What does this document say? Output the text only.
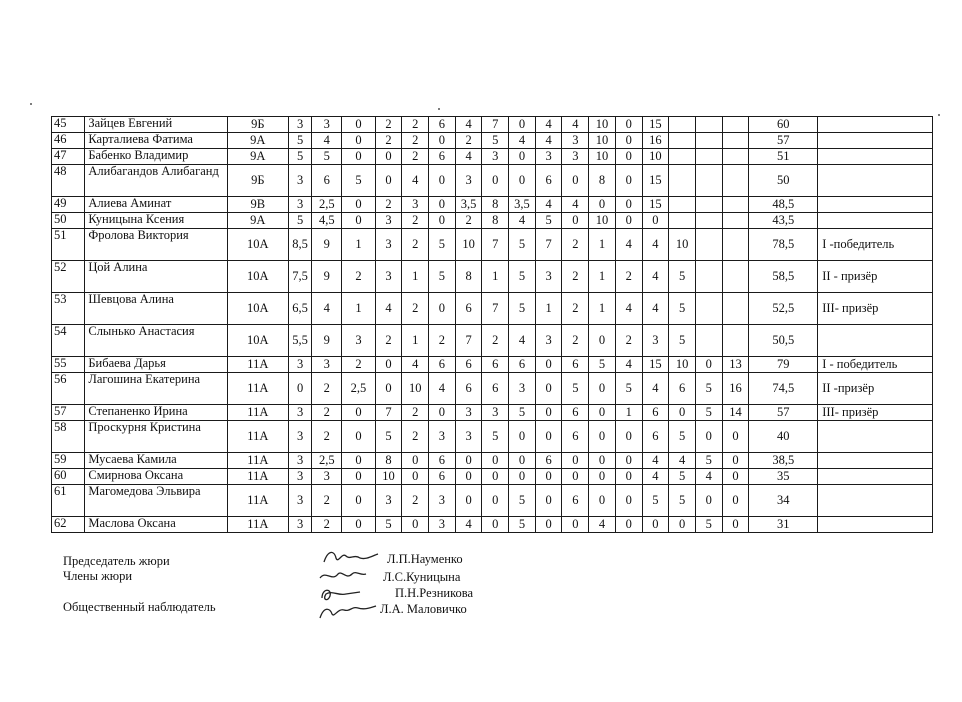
45	Зайцев Евгений	9Б	3	3	0	2	2	6	4	7	0	4	4	10	0	15				60	
46	Карталиева Фатима	9А	5	4	0	2	2	0	2	5	4	4	3	10	0	16				57	
47	Бабенко Владимир	9А	5	5	0	0	2	6	4	3	0	3	3	10	0	10				51	
48	Алибагандов Алибаганд	9Б	3	6	5	0	4	0	3	0	0	6	0	8	0	15				50	
49	Алиева Аминат	9В	3	2,5	0	2	3	0	3,5	8	3,5	4	4	0	0	15				48,5	
50	Куницына Ксения	9А	5	4,5	0	3	2	0	2	8	4	5	0	10	0	0				43,5	
51	Фролова Виктория	10А	8,5	9	1	3	2	5	10	7	5	7	2	1	4	4	10			78,5	I -победитель
52	Цой Алина	10А	7,5	9	2	3	1	5	8	1	5	3	2	1	2	4	5			58,5	II - призёр
53	Шевцова Алина	10А	6,5	4	1	4	2	0	6	7	5	1	2	1	4	4	5			52,5	III- призёр
54	Слынько Анастасия	10А	5,5	9	3	2	1	2	7	2	4	3	2	0	2	3	5			50,5	
55	Бибаева Дарья	11А	3	3	2	0	4	6	6	6	6	0	6	5	4	15	10	0	13	79	I - победитель
56	Лагошина Екатерина	11А	0	2	2,5	0	10	4	6	6	3	0	5	0	5	4	6	5	16	74,5	II -призёр
57	Степаненко Ирина	11А	3	2	0	7	2	0	3	3	5	0	6	0	1	6	0	5	14	57	III- призёр
58	Проскурня Кристина	11А	3	2	0	5	2	3	3	5	0	0	6	0	0	6	5	0	0	40	
59	Мусаева Камила	11А	3	2,5	0	8	0	6	0	0	0	6	0	0	0	4	4	5	0	38,5	
60	Смирнова Оксана	11А	3	3	0	10	0	6	0	0	0	0	0	0	0	4	5	4	0	35	
61	Магомедова Эльвира	11А	3	2	0	3	2	3	0	0	5	0	6	0	0	5	5	0	0	34	
62	Маслова Оксана	11А	3	2	0	5	0	3	4	0	5	0	0	4	0	0	0	5	0	31	
Председатель жюри
Члены жюри
Общественный наблюдатель
Л.П.Науменко
Л.С.Куницына
П.Н.Резникова
Л.А. Маловичко
